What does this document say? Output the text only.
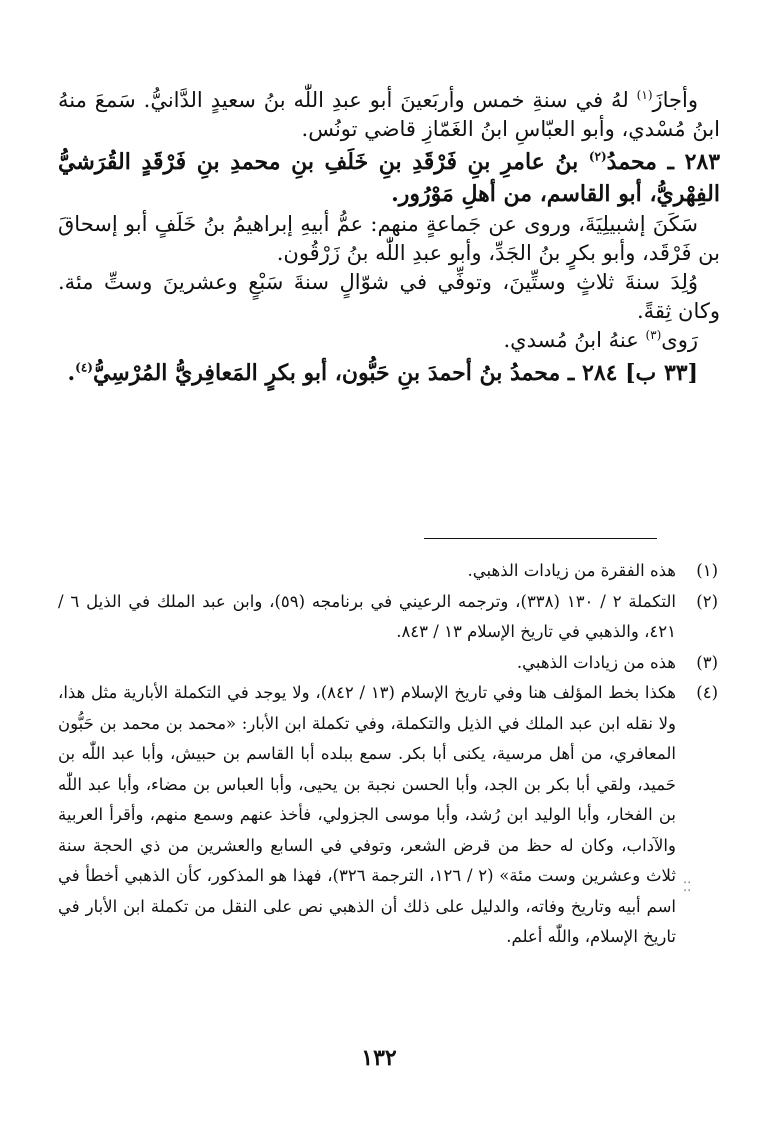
وأجازَ$^{(١)}$ لهُ في سنةِ خمس وأربَعينَ أبو عبدِ اللّٰه بنُ سعيدٍ الدَّانيُّ. سَمعَ منهُ ابنُ مُسْدي، وأبو العبّاسِ ابنُ الغَمّازِ قاضي تونُس.

٢٨٣ ـ محمدُ$^{(٢)}$ بنُ عامرِ بنِ فَرْقَدِ بنِ خَلَفِ بنِ محمدِ بنِ فَرْقَدٍ القُرَشيُّ الفِهْريُّ، أبو القاسم، من أهلِ مَوْرُور.

سَكَنَ إشبيلِيَةَ، وروى عن جَماعةٍ منهم: عمُّ أبيهِ إبراهيمُ بنُ خَلَفٍ أبو إسحاقَ بن فَرْقَد، وأبو بكرٍ بنُ الجَدِّ، وأبو عبدِ اللّٰه بنُ زَرْقُون.

وُلِدَ سنةَ ثلاثٍ وستِّينَ، وتوفِّي في شوّالٍ سنةَ سَبْعٍ وعشرينَ وستِّ مئة. وكان ثِقةً.

رَوى$^{(٣)}$ عنهُ ابنُ مُسدي.

[٣٣ ب] ٢٨٤ ـ محمدُ بنُ أحمدَ بنِ حَبُّون، أبو بكرٍ المَعافِريُّ المُرْسِيُّ$^{(٤)}$.

(١)
هذه الفقرة من زيادات الذهبي.
(٢)
التكملة ٢ / ١٣٠ (٣٣٨)، وترجمه الرعيني في برنامجه (٥٩)، وابن عبد الملك في الذيل ٦ / ٤٢١، والذهبي في تاريخ الإسلام ١٣ / ٨٤٣.
(٣)
هذه من زيادات الذهبي.
(٤)
هكذا بخط المؤلف هنا وفي تاريخ الإسلام (١٣ / ٨٤٢)، ولا يوجد في التكملة الأبارية مثل هذا، ولا نقله ابن عبد الملك في الذيل والتكملة، وفي تكملة ابن الأبار: «محمد بن محمد بن حَبُّون المعافري، من أهل مرسية، يكنى أبا بكر. سمع ببلده أبا القاسم بن حبيش، وأبا عبد اللّٰه بن حَميد، ولقي أبا بكر بن الجد، وأبا الحسن نجبة بن يحيى، وأبا العباس بن مضاء، وأبا عبد اللّٰه بن الفخار، وأبا الوليد ابن رُشد، وأبا موسى الجزولي، فأخذ عنهم وسمع منهم، وأقرأ العربية والآداب، وكان له حظ من قرض الشعر، وتوفي في السابع والعشرين من ذي الحجة سنة ثلاث وعشرين وست مئة» (٢ / ١٢٦، الترجمة ٣٢٦)، فهذا هو المذكور، كأن الذهبي أخطأ في اسم أبيه وتاريخ وفاته، والدليل على ذلك أن الذهبي نص على النقل من تكملة ابن الأبار في تاريخ الإسلام، واللّٰه أعلم.
⁚⁚
١٣٢
